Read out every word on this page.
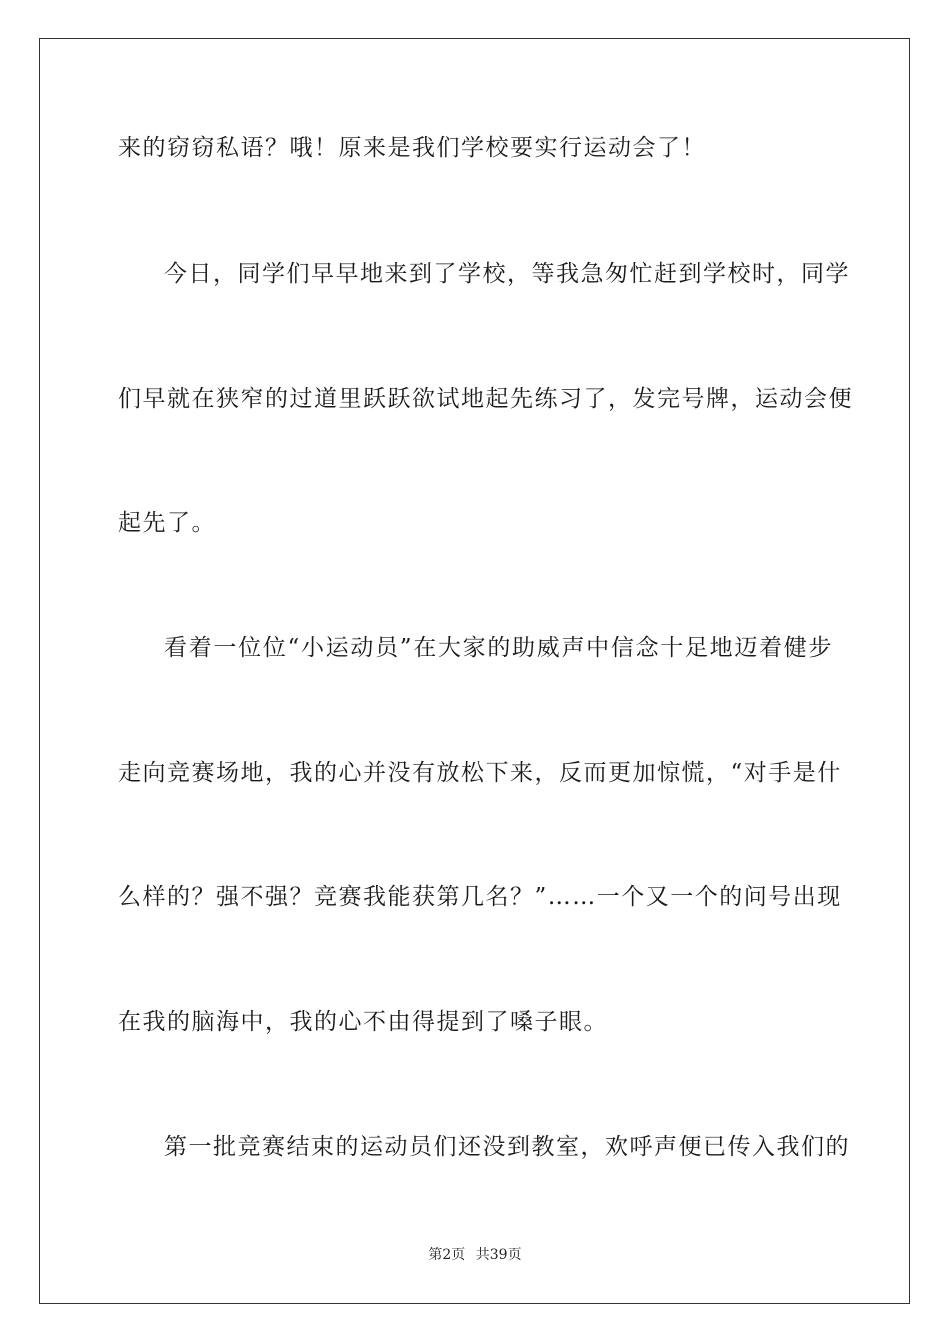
来的窃窃私语？哦！原来是我们学校要实行运动会了！
今日，同学们早早地来到了学校，等我急匆忙赶到学校时，同学
们早就在狭窄的过道里跃跃欲试地起先练习了，发完号牌，运动会便
起先了。
看着一位位“小运动员”在大家的助威声中信念十足地迈着健步
走向竞赛场地，我的心并没有放松下来，反而更加惊慌，“对手是什
么样的？强不强？竞赛我能获第几名？”……一个又一个的问号出现
在我的脑海中，我的心不由得提到了嗓子眼。
第一批竞赛结束的运动员们还没到教室，欢呼声便已传入我们的
第2页 共39页
